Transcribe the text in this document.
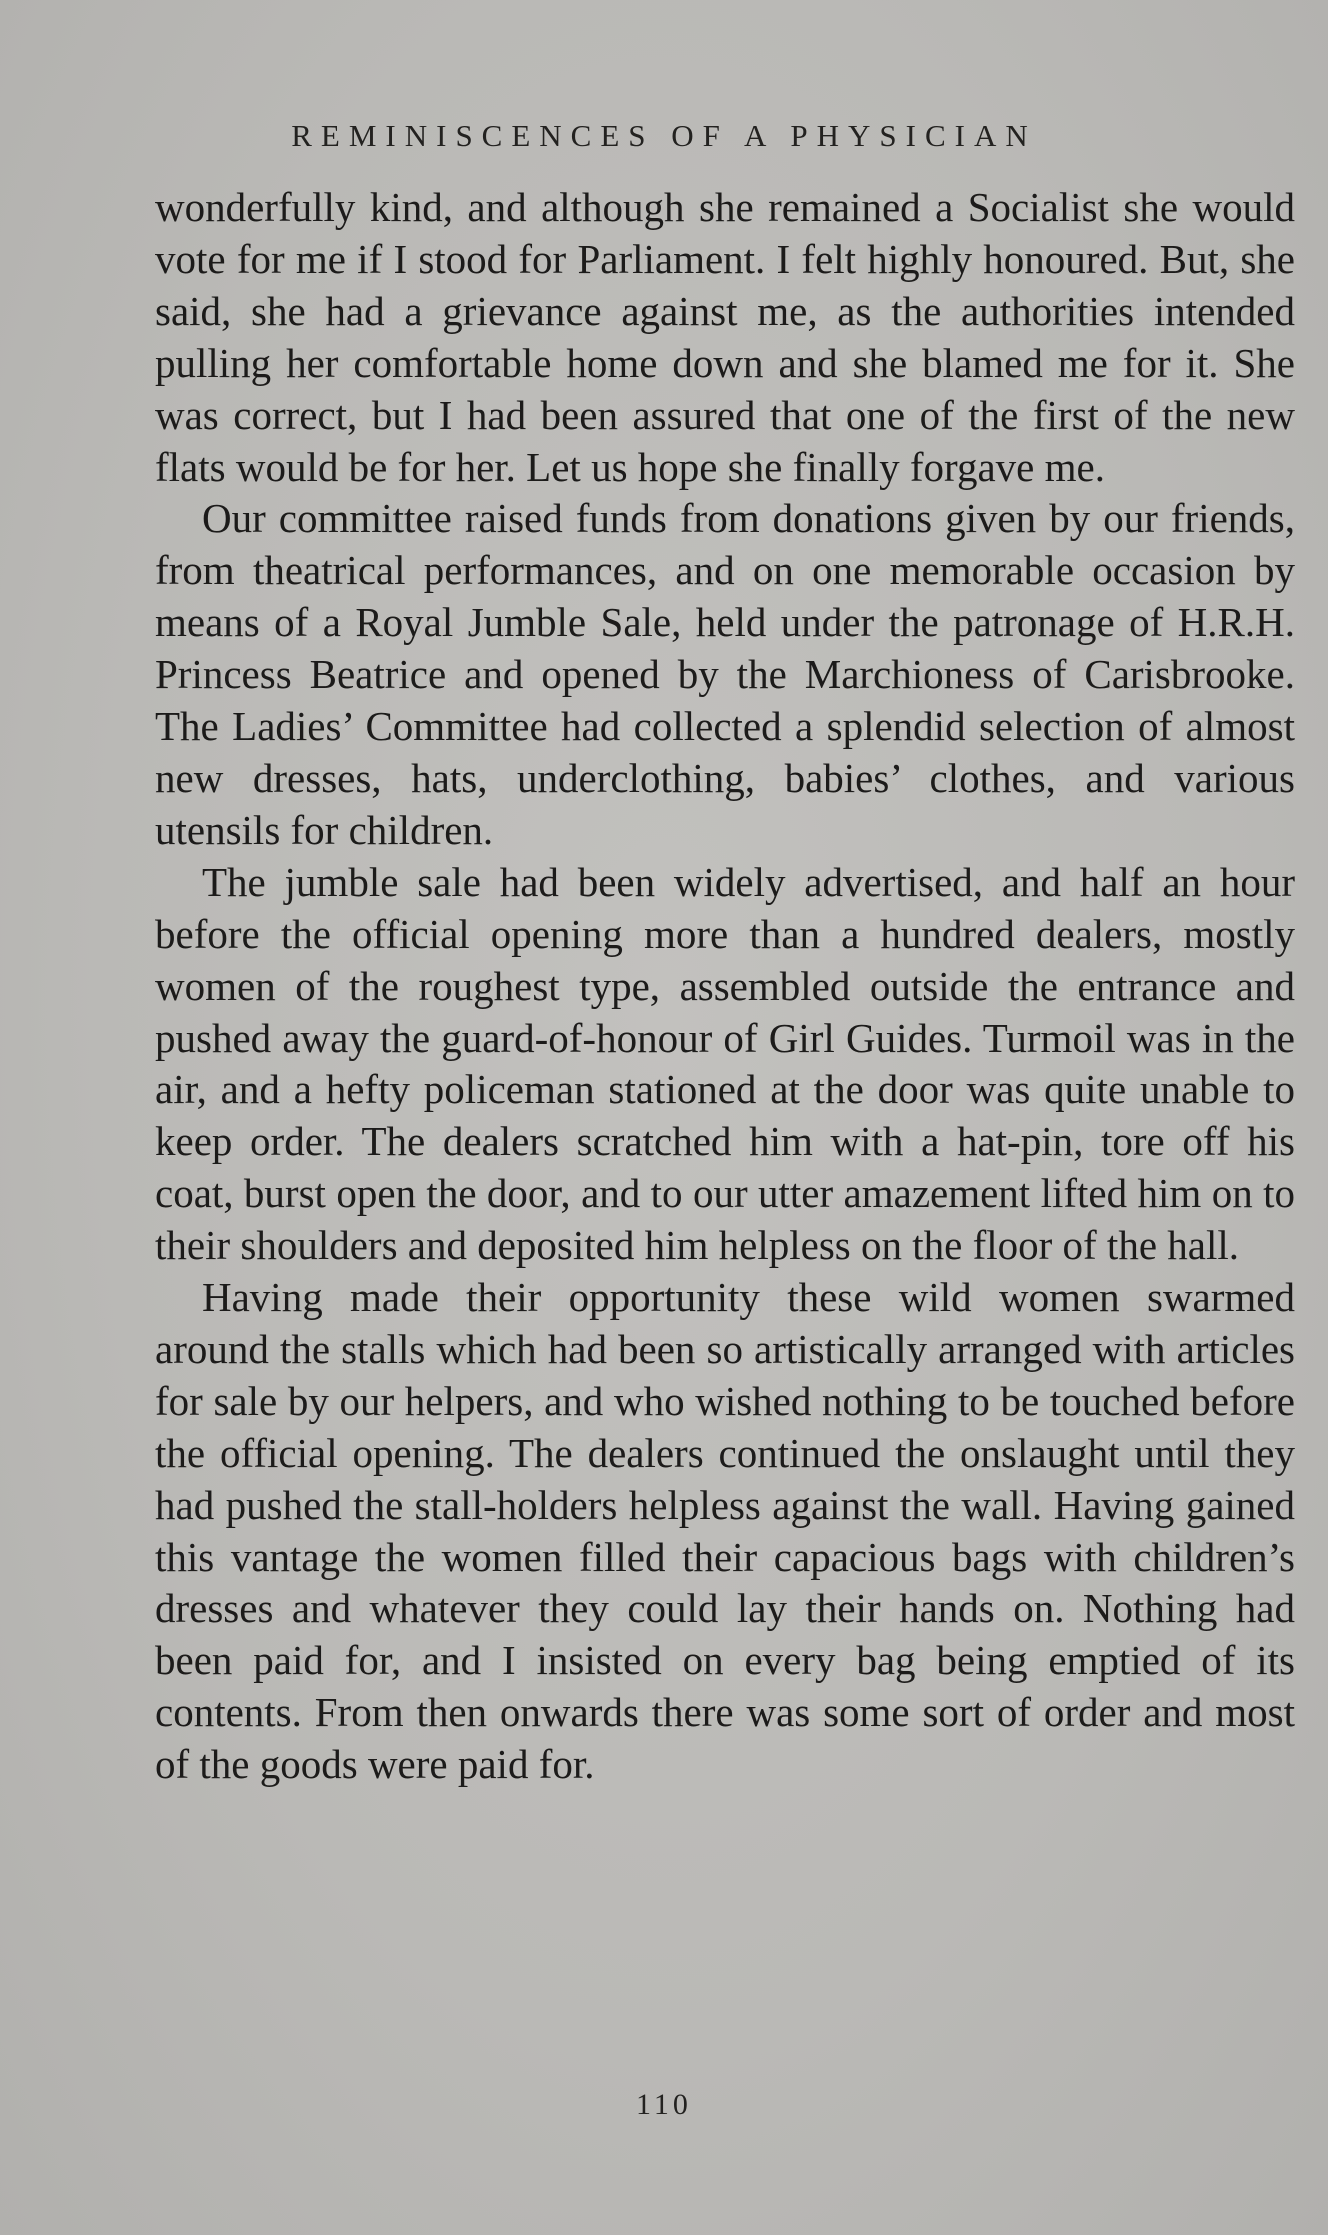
REMINISCENCES OF A PHYSICIAN

wonderfully kind, and although she remained a Socialist she would vote for me if I stood for Parliament. I felt highly honoured. But, she said, she had a grievance against me, as the authorities intended pulling her comfortable home down and she blamed me for it. She was correct, but I had been assured that one of the first of the new flats would be for her. Let us hope she finally forgave me.

Our committee raised funds from donations given by our friends, from theatrical performances, and on one memorable occasion by means of a Royal Jumble Sale, held under the patronage of H.R.H. Princess Beatrice and opened by the Marchioness of Carisbrooke. The Ladies’ Committee had collected a splendid selection of almost new dresses, hats, underclothing, babies’ clothes, and various utensils for children.

The jumble sale had been widely advertised, and half an hour before the official opening more than a hundred dealers, mostly women of the roughest type, assembled outside the entrance and pushed away the guard-of-honour of Girl Guides. Turmoil was in the air, and a hefty policeman stationed at the door was quite unable to keep order. The dealers scratched him with a hat-pin, tore off his coat, burst open the door, and to our utter amazement lifted him on to their shoulders and deposited him helpless on the floor of the hall.

Having made their opportunity these wild women swarmed around the stalls which had been so artistically arranged with articles for sale by our helpers, and who wished nothing to be touched before the official opening. The dealers continued the onslaught until they had pushed the stall-holders helpless against the wall. Having gained this vantage the women filled their capacious bags with children’s dresses and whatever they could lay their hands on. Nothing had been paid for, and I insisted on every bag being emptied of its contents. From then onwards there was some sort of order and most of the goods were paid for.

110
